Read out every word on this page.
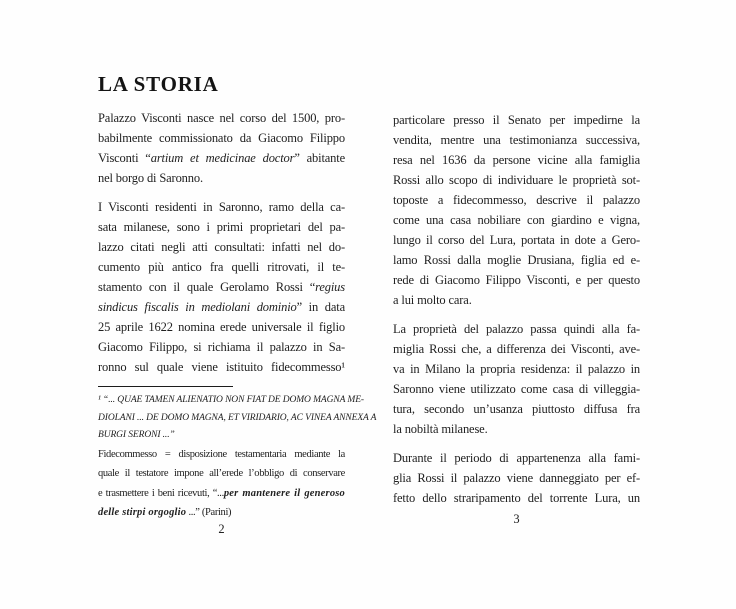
LA STORIA
Palazzo Visconti nasce nel corso del 1500, pro-
babilmente commissionato da Giacomo Filippo
Visconti “artium et medicinae doctor” abitante
nel borgo di Saronno.
I Visconti residenti in Saronno, ramo della ca-
sata milanese, sono i primi proprietari del pa-
lazzo citati negli atti consultati: infatti nel do-
cumento più antico fra quelli ritrovati, il te-
stamento con il quale Gerolamo Rossi “regius
sindicus fiscalis in mediolani dominio” in data
25 aprile 1622 nomina erede universale il figlio
Giacomo Filippo, si richiama il palazzo in Sa-
ronno sul quale viene istituito fidecommesso¹
¹ “... QUAE TAMEN ALIENATIO NON FIAT DE DOMO MAGNA ME-
DIOLANI ... DE DOMO MAGNA, ET VIRIDARIO, AC VINEA ANNEXA A
BURGI SERONI ...”
Fidecommesso = disposizione testamentaria mediante la
quale il testatore impone all’erede l’obbligo di conservare
e trasmettere i beni ricevuti, “...per mantenere il generoso
delle stirpi orgoglio ...” (Parini)
particolare presso il Senato per impedirne la
vendita, mentre una testimonianza successiva,
resa nel 1636 da persone vicine alla famiglia
Rossi allo scopo di individuare le proprietà sot-
toposte a fidecommesso, descrive il palazzo
come una casa nobiliare con giardino e vigna,
lungo il corso del Lura, portata in dote a Gero-
lamo Rossi dalla moglie Drusiana, figlia ed e-
rede di Giacomo Filippo Visconti, e per questo
a lui molto cara.
La proprietà del palazzo passa quindi alla fa-
miglia Rossi che, a differenza dei Visconti, ave-
va in Milano la propria residenza: il palazzo in
Saronno viene utilizzato come casa di villeggia-
tura, secondo un’usanza piuttosto diffusa fra
la nobiltà milanese.
Durante il periodo di appartenenza alla fami-
glia Rossi il palazzo viene danneggiato per ef-
fetto dello straripamento del torrente Lura, un
2
3
